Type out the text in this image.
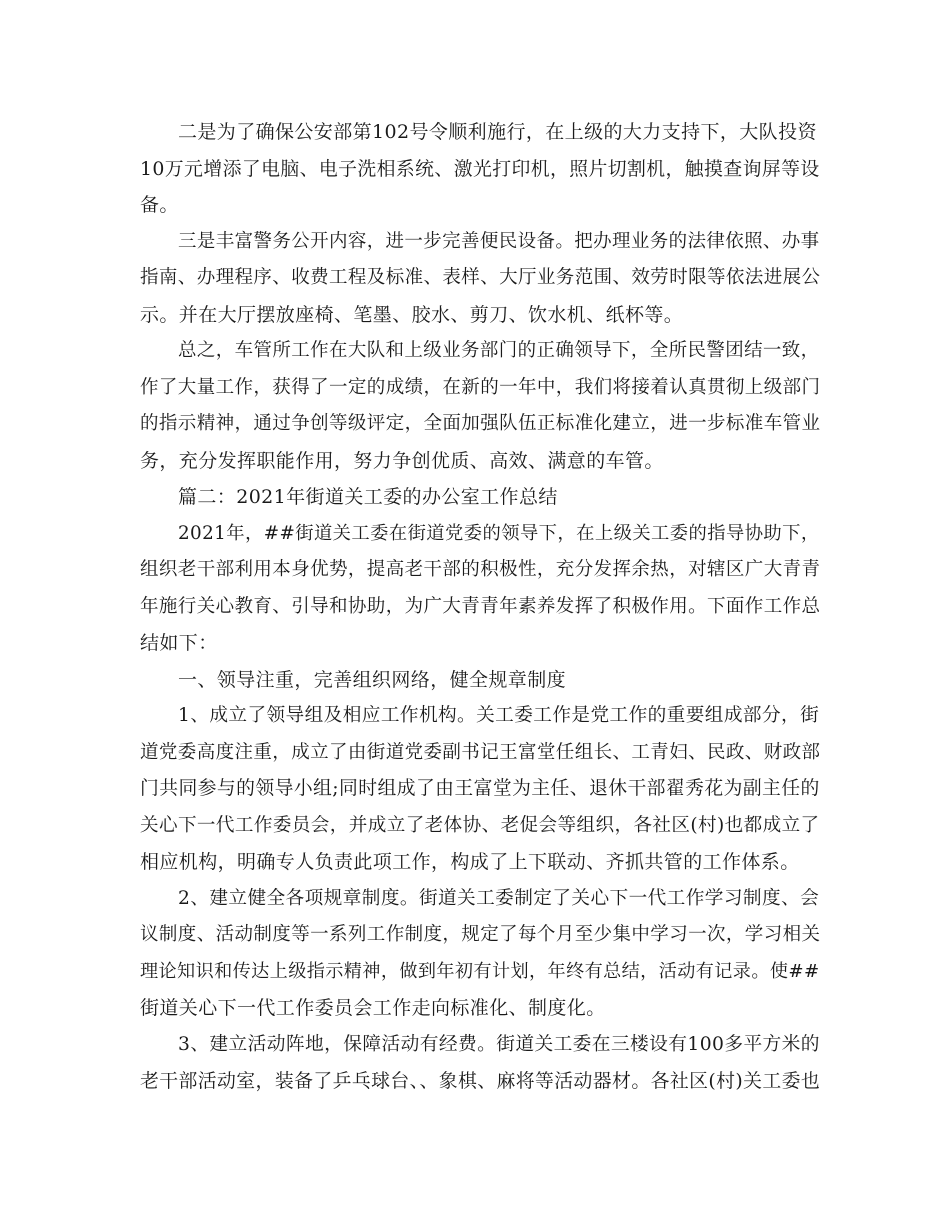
二是为了确保公安部第102号令顺利施行，在上级的大力支持下，大队投资
10万元增添了电脑、电子洗相系统、激光打印机，照片切割机，触摸查询屏等设
备。
三是丰富警务公开内容，进一步完善便民设备。把办理业务的法律依照、办事
指南、办理程序、收费工程及标准、表样、大厅业务范围、效劳时限等依法进展公
示。并在大厅摆放座椅、笔墨、胶水、剪刀、饮水机、纸杯等。
总之，车管所工作在大队和上级业务部门的正确领导下，全所民警团结一致，
作了大量工作，获得了一定的成绩，在新的一年中，我们将接着认真贯彻上级部门
的指示精神，通过争创等级评定，全面加强队伍正标准化建立，进一步标准车管业
务，充分发挥职能作用，努力争创优质、高效、满意的车管。
篇二：2021年街道关工委的办公室工作总结
2021年，##街道关工委在街道党委的领导下，在上级关工委的指导协助下，
组织老干部利用本身优势，提高老干部的积极性，充分发挥余热，对辖区广大青青
年施行关心教育、引导和协助，为广大青青年素养发挥了积极作用。下面作工作总
结如下：
一、领导注重，完善组织网络，健全规章制度
1、成立了领导组及相应工作机构。关工委工作是党工作的重要组成部分，街
道党委高度注重，成立了由街道党委副书记王富堂任组长、工青妇、民政、财政部
门共同参与的领导小组;同时组成了由王富堂为主任、退休干部翟秀花为副主任的
关心下一代工作委员会，并成立了老体协、老促会等组织，各社区(村)也都成立了
相应机构，明确专人负责此项工作，构成了上下联动、齐抓共管的工作体系。
2、建立健全各项规章制度。街道关工委制定了关心下一代工作学习制度、会
议制度、活动制度等一系列工作制度，规定了每个月至少集中学习一次，学习相关
理论知识和传达上级指示精神，做到年初有计划，年终有总结，活动有记录。使##
街道关心下一代工作委员会工作走向标准化、制度化。
3、建立活动阵地，保障活动有经费。街道关工委在三楼设有100多平方米的
老干部活动室，装备了乒乓球台、、象棋、麻将等活动器材。各社区(村)关工委也
